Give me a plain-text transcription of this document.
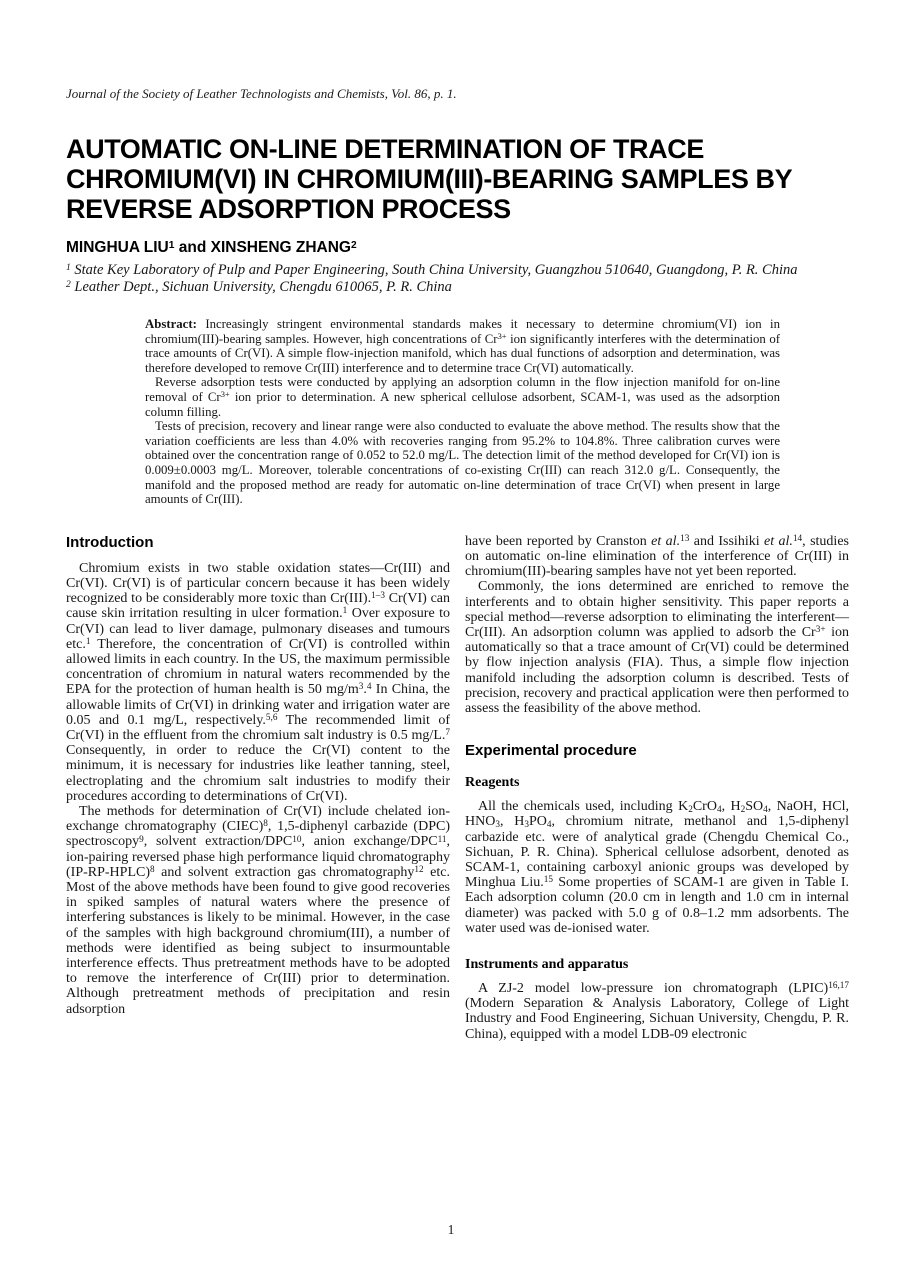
Journal of the Society of Leather Technologists and Chemists, Vol. 86, p. 1.
AUTOMATIC ON-LINE DETERMINATION OF TRACE
CHROMIUM(VI) IN CHROMIUM(III)-BEARING SAMPLES BY
REVERSE ADSORPTION PROCESS
MINGHUA LIU$^1$ and XINSHENG ZHANG$^2$
$^1$ State Key Laboratory of Pulp and Paper Engineering, South China University, Guangzhou 510640, Guangdong, P. R. China
$^2$ Leather Dept., Sichuan University, Chengdu 610065, P. R. China

Abstract: Increasingly stringent environmental standards makes it necessary to determine chromium(VI) ion in chromium(III)-bearing samples. However, high concentrations of $Cr^{3+}$ ion significantly interferes with the determination of trace amounts of Cr(VI). A simple flow-injection manifold, which has dual functions of adsorption and determination, was therefore developed to remove Cr(III) interference and to determine trace Cr(VI) automatically.

Reverse adsorption tests were conducted by applying an adsorption column in the flow injection manifold for on-line removal of $Cr^{3+}$ ion prior to determination. A new spherical cellulose adsorbent, SCAM-1, was used as the adsorption column filling.

Tests of precision, recovery and linear range were also conducted to evaluate the above method. The results show that the variation coefficients are less than 4.0% with recoveries ranging from 95.2% to 104.8%. Three calibration curves were obtained over the concentration range of 0.052 to 52.0 mg/L. The detection limit of the method developed for Cr(VI) ion is 0.009±0.0003 mg/L. Moreover, tolerable concentrations of co-existing Cr(III) can reach 312.0 g/L. Consequently, the manifold and the proposed method are ready for automatic on-line determination of trace Cr(VI) when present in large amounts of Cr(III).

Introduction

Chromium exists in two stable oxidation states—Cr(III) and Cr(VI). Cr(VI) is of particular concern because it has been widely recognized to be considerably more toxic than Cr(III).$^{1-3}$ Cr(VI) can cause skin irritation resulting in ulcer formation.$^1$ Over exposure to Cr(VI) can lead to liver damage, pulmonary diseases and tumours etc.$^1$ Therefore, the concentration of Cr(VI) is controlled within allowed limits in each country. In the US, the maximum permissible concentration of chromium in natural waters recommended by the EPA for the protection of human health is 50 $mg/m^3.^4$ In China, the allowable limits of Cr(VI) in drinking water and irrigation water are 0.05 and 0.1 mg/L, respectively.$^{5,6}$ The recommended limit of Cr(VI) in the effluent from the chromium salt industry is 0.5 mg/L.$^7$ Consequently, in order to reduce the Cr(VI) content to the minimum, it is necessary for industries like leather tanning, steel, electroplating and the chromium salt industries to modify their procedures according to determinations of Cr(VI).

The methods for determination of Cr(VI) include chelated ion-exchange chromatography (CIEC)$^8$, 1,5-diphenyl carbazide (DPC) spectroscopy$^9$, solvent extraction/DPC$^{10}$, anion exchange/DPC$^{11}$, ion-pairing reversed phase high performance liquid chromatography (IP-RP-HPLC)$^8$ and solvent extraction gas chromatography$^{12}$ etc. Most of the above methods have been found to give good recoveries in spiked samples of natural waters where the presence of interfering substances is likely to be minimal. However, in the case of the samples with high background chromium(III), a number of methods were identified as being subject to insurmountable interference effects. Thus pretreatment methods have to be adopted to remove the interference of Cr(III) prior to determination. Although pretreatment methods of precipitation and resin adsorption

have been reported by Cranston et al.$^{13}$ and Issihiki et al.$^{14}$, studies on automatic on-line elimination of the interference of Cr(III) in chromium(III)-bearing samples have not yet been reported.

Commonly, the ions determined are enriched to remove the interferents and to obtain higher sensitivity. This paper reports a special method—reverse adsorption to eliminating the interferent—Cr(III). An adsorption column was applied to adsorb the $Cr^{3+}$ ion automatically so that a trace amount of Cr(VI) could be determined by flow injection analysis (FIA). Thus, a simple flow injection manifold including the adsorption column is described. Tests of precision, recovery and practical application were then performed to assess the feasibility of the above method.

Experimental procedure
Reagents

All the chemicals used, including $K_2CrO_4$, $H_2SO_4$, NaOH, HCl, $HNO_3$, $H_3PO_4$, chromium nitrate, methanol and 1,5-diphenyl carbazide etc. were of analytical grade (Chengdu Chemical Co., Sichuan, P. R. China). Spherical cellulose adsorbent, denoted as SCAM-1, containing carboxyl anionic groups was developed by Minghua Liu.$^{15}$ Some properties of SCAM-1 are given in Table I. Each adsorption column (20.0 cm in length and 1.0 cm in internal diameter) was packed with 5.0 g of 0.8–1.2 mm adsorbents. The water used was de-ionised water.

Instruments and apparatus

A ZJ-2 model low-pressure ion chromatograph (LPIC)$^{16,17}$ (Modern Separation & Analysis Laboratory, College of Light Industry and Food Engineering, Sichuan University, Chengdu, P. R. China), equipped with a model LDB-09 electronic

1
